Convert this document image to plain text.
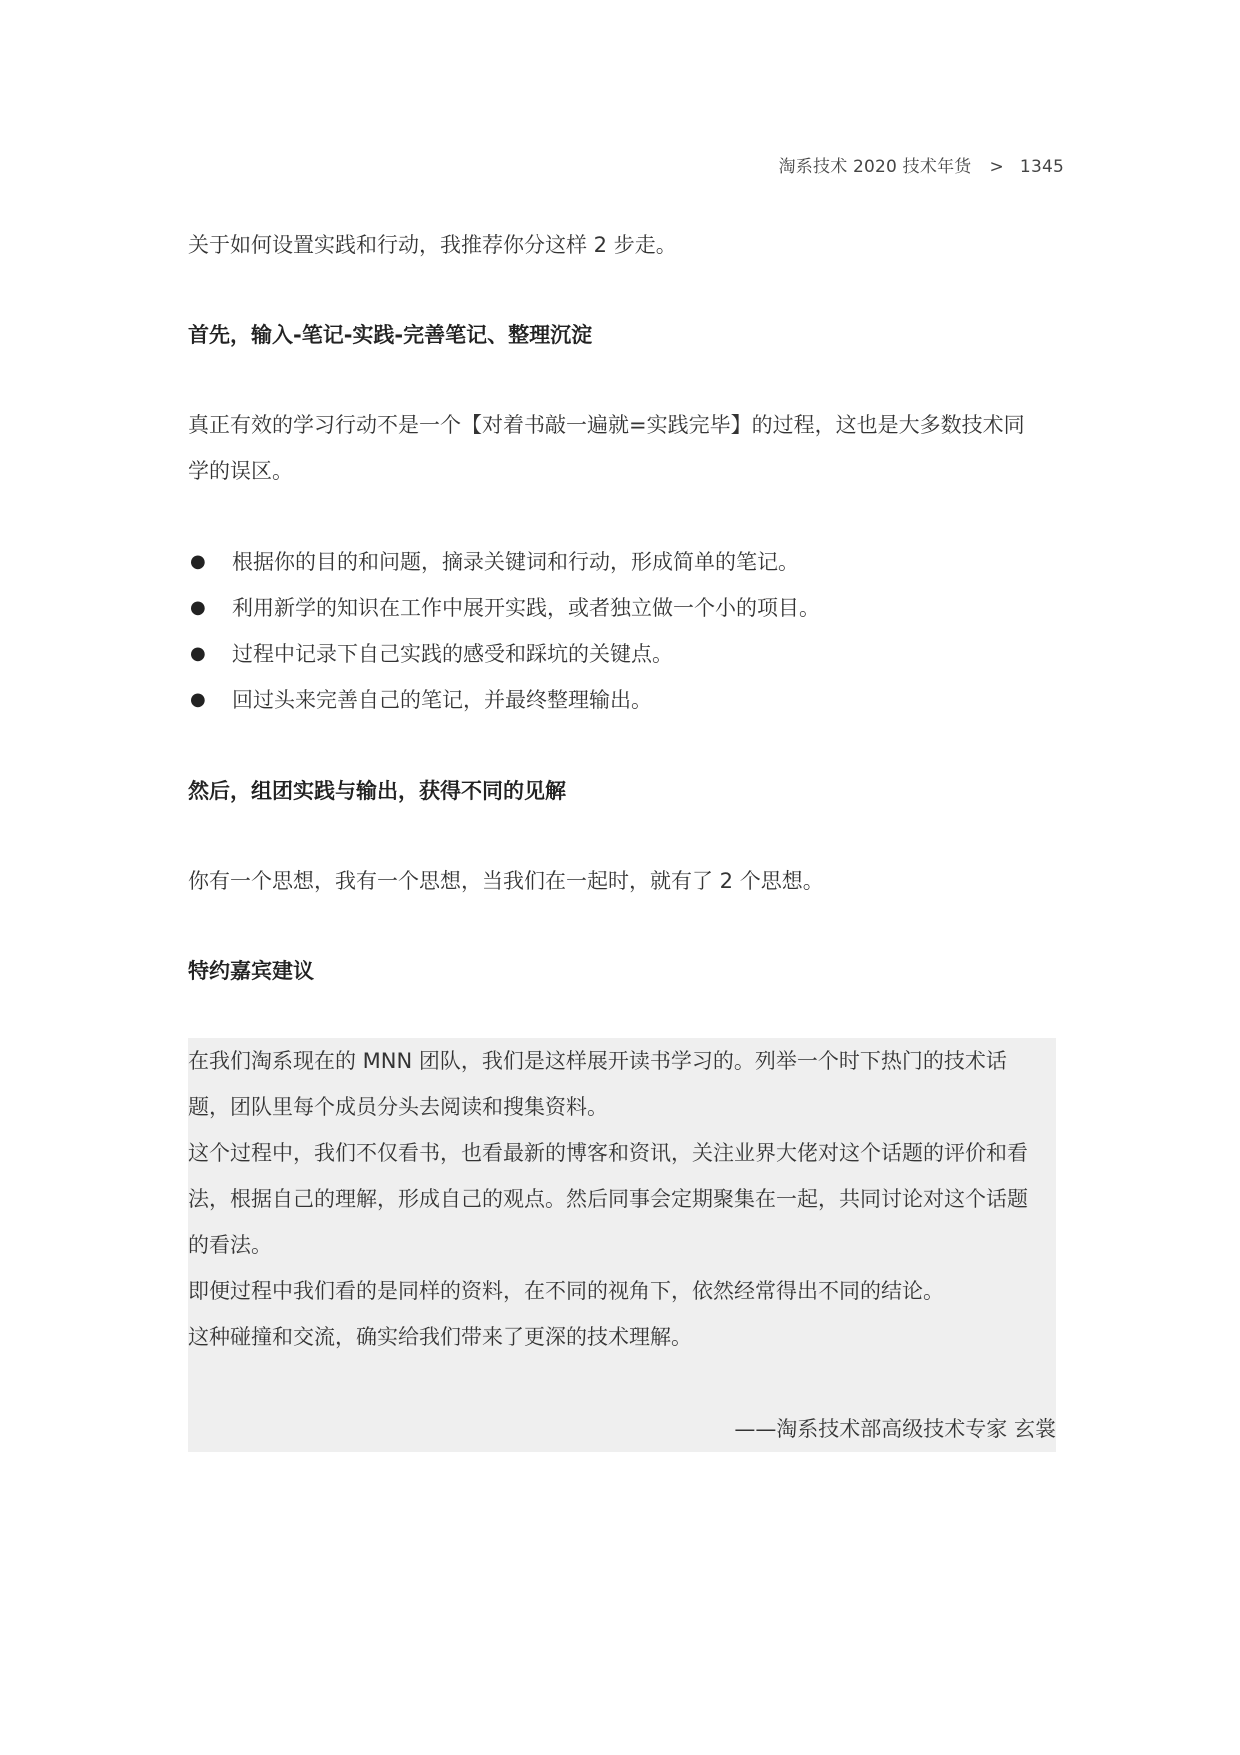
淘系技术 2020 技术年货 > 1345

关于如何设置实践和行动，我推荐你分这样 2 步走。

首先，输入-笔记-实践-完善笔记、整理沉淀

真正有效的学习行动不是一个【对着书敲一遍就=实践完毕】的过程，这也是大多数技术同
学的误区。

● 根据你的目的和问题，摘录关键词和行动，形成简单的笔记。
● 利用新学的知识在工作中展开实践，或者独立做一个小的项目。
● 过程中记录下自己实践的感受和踩坑的关键点。
● 回过头来完善自己的笔记，并最终整理输出。
然后，组团实践与输出，获得不同的见解

你有一个思想，我有一个思想，当我们在一起时，就有了 2 个思想。

特约嘉宾建议

在我们淘系现在的 MNN 团队，我们是这样展开读书学习的。列举一个时下热门的技术话
题，团队里每个成员分头去阅读和搜集资料。

这个过程中，我们不仅看书，也看最新的博客和资讯，关注业界大佬对这个话题的评价和看
法，根据自己的理解，形成自己的观点。然后同事会定期聚集在一起，共同讨论对这个话题
的看法。

即便过程中我们看的是同样的资料，在不同的视角下，依然经常得出不同的结论。

这种碰撞和交流，确实给我们带来了更深的技术理解。

——淘系技术部高级技术专家 玄裳
